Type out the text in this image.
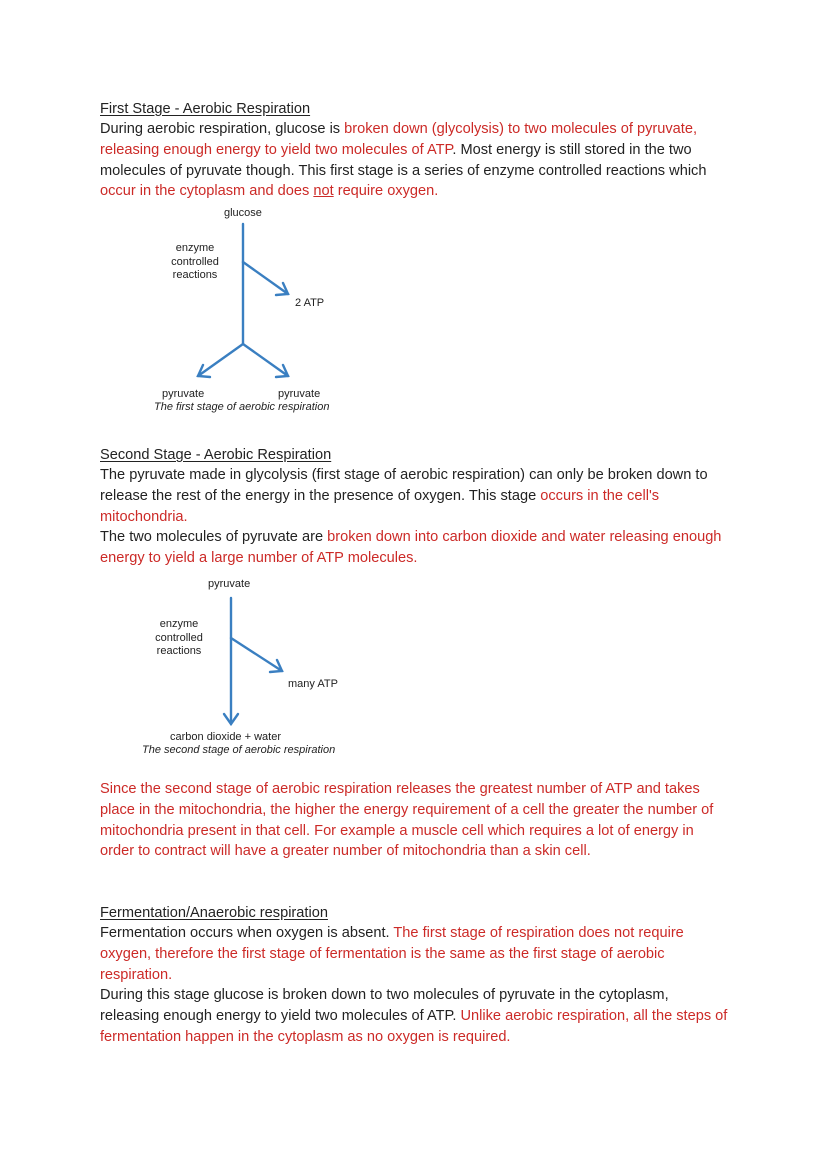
First Stage - Aerobic Respiration
During aerobic respiration, glucose is broken down (glycolysis) to two molecules of pyruvate, releasing enough energy to yield two molecules of ATP. Most energy is still stored in the two molecules of pyruvate though. This first stage is a series of enzyme controlled reactions which occur in the cytoplasm and does not require oxygen.
glucose
enzyme
controlled
reactions
2 ATP
pyruvate	pyruvate
The first stage of aerobic respiration
Second Stage - Aerobic Respiration
The pyruvate made in glycolysis (first stage of aerobic respiration) can only be broken down to release the rest of the energy in the presence of oxygen. This stage occurs in the cell's mitochondria.
The two molecules of pyruvate are broken down into carbon dioxide and water releasing enough energy to yield a large number of ATP molecules.
pyruvate
enzyme
controlled
reactions
many ATP
carbon dioxide + water
The second stage of aerobic respiration
Since the second stage of aerobic respiration releases the greatest number of ATP and takes place in the mitochondria, the higher the energy requirement of a cell the greater the number of mitochondria present in that cell. For example a muscle cell which requires a lot of energy in order to contract will have a greater number of mitochondria than a skin cell.
Fermentation/Anaerobic respiration
Fermentation occurs when oxygen is absent. The first stage of respiration does not require oxygen, therefore the first stage of fermentation is the same as the first stage of aerobic respiration.
During this stage glucose is broken down to two molecules of pyruvate in the cytoplasm, releasing enough energy to yield two molecules of ATP. Unlike aerobic respiration, all the steps of fermentation happen in the cytoplasm as no oxygen is required.
